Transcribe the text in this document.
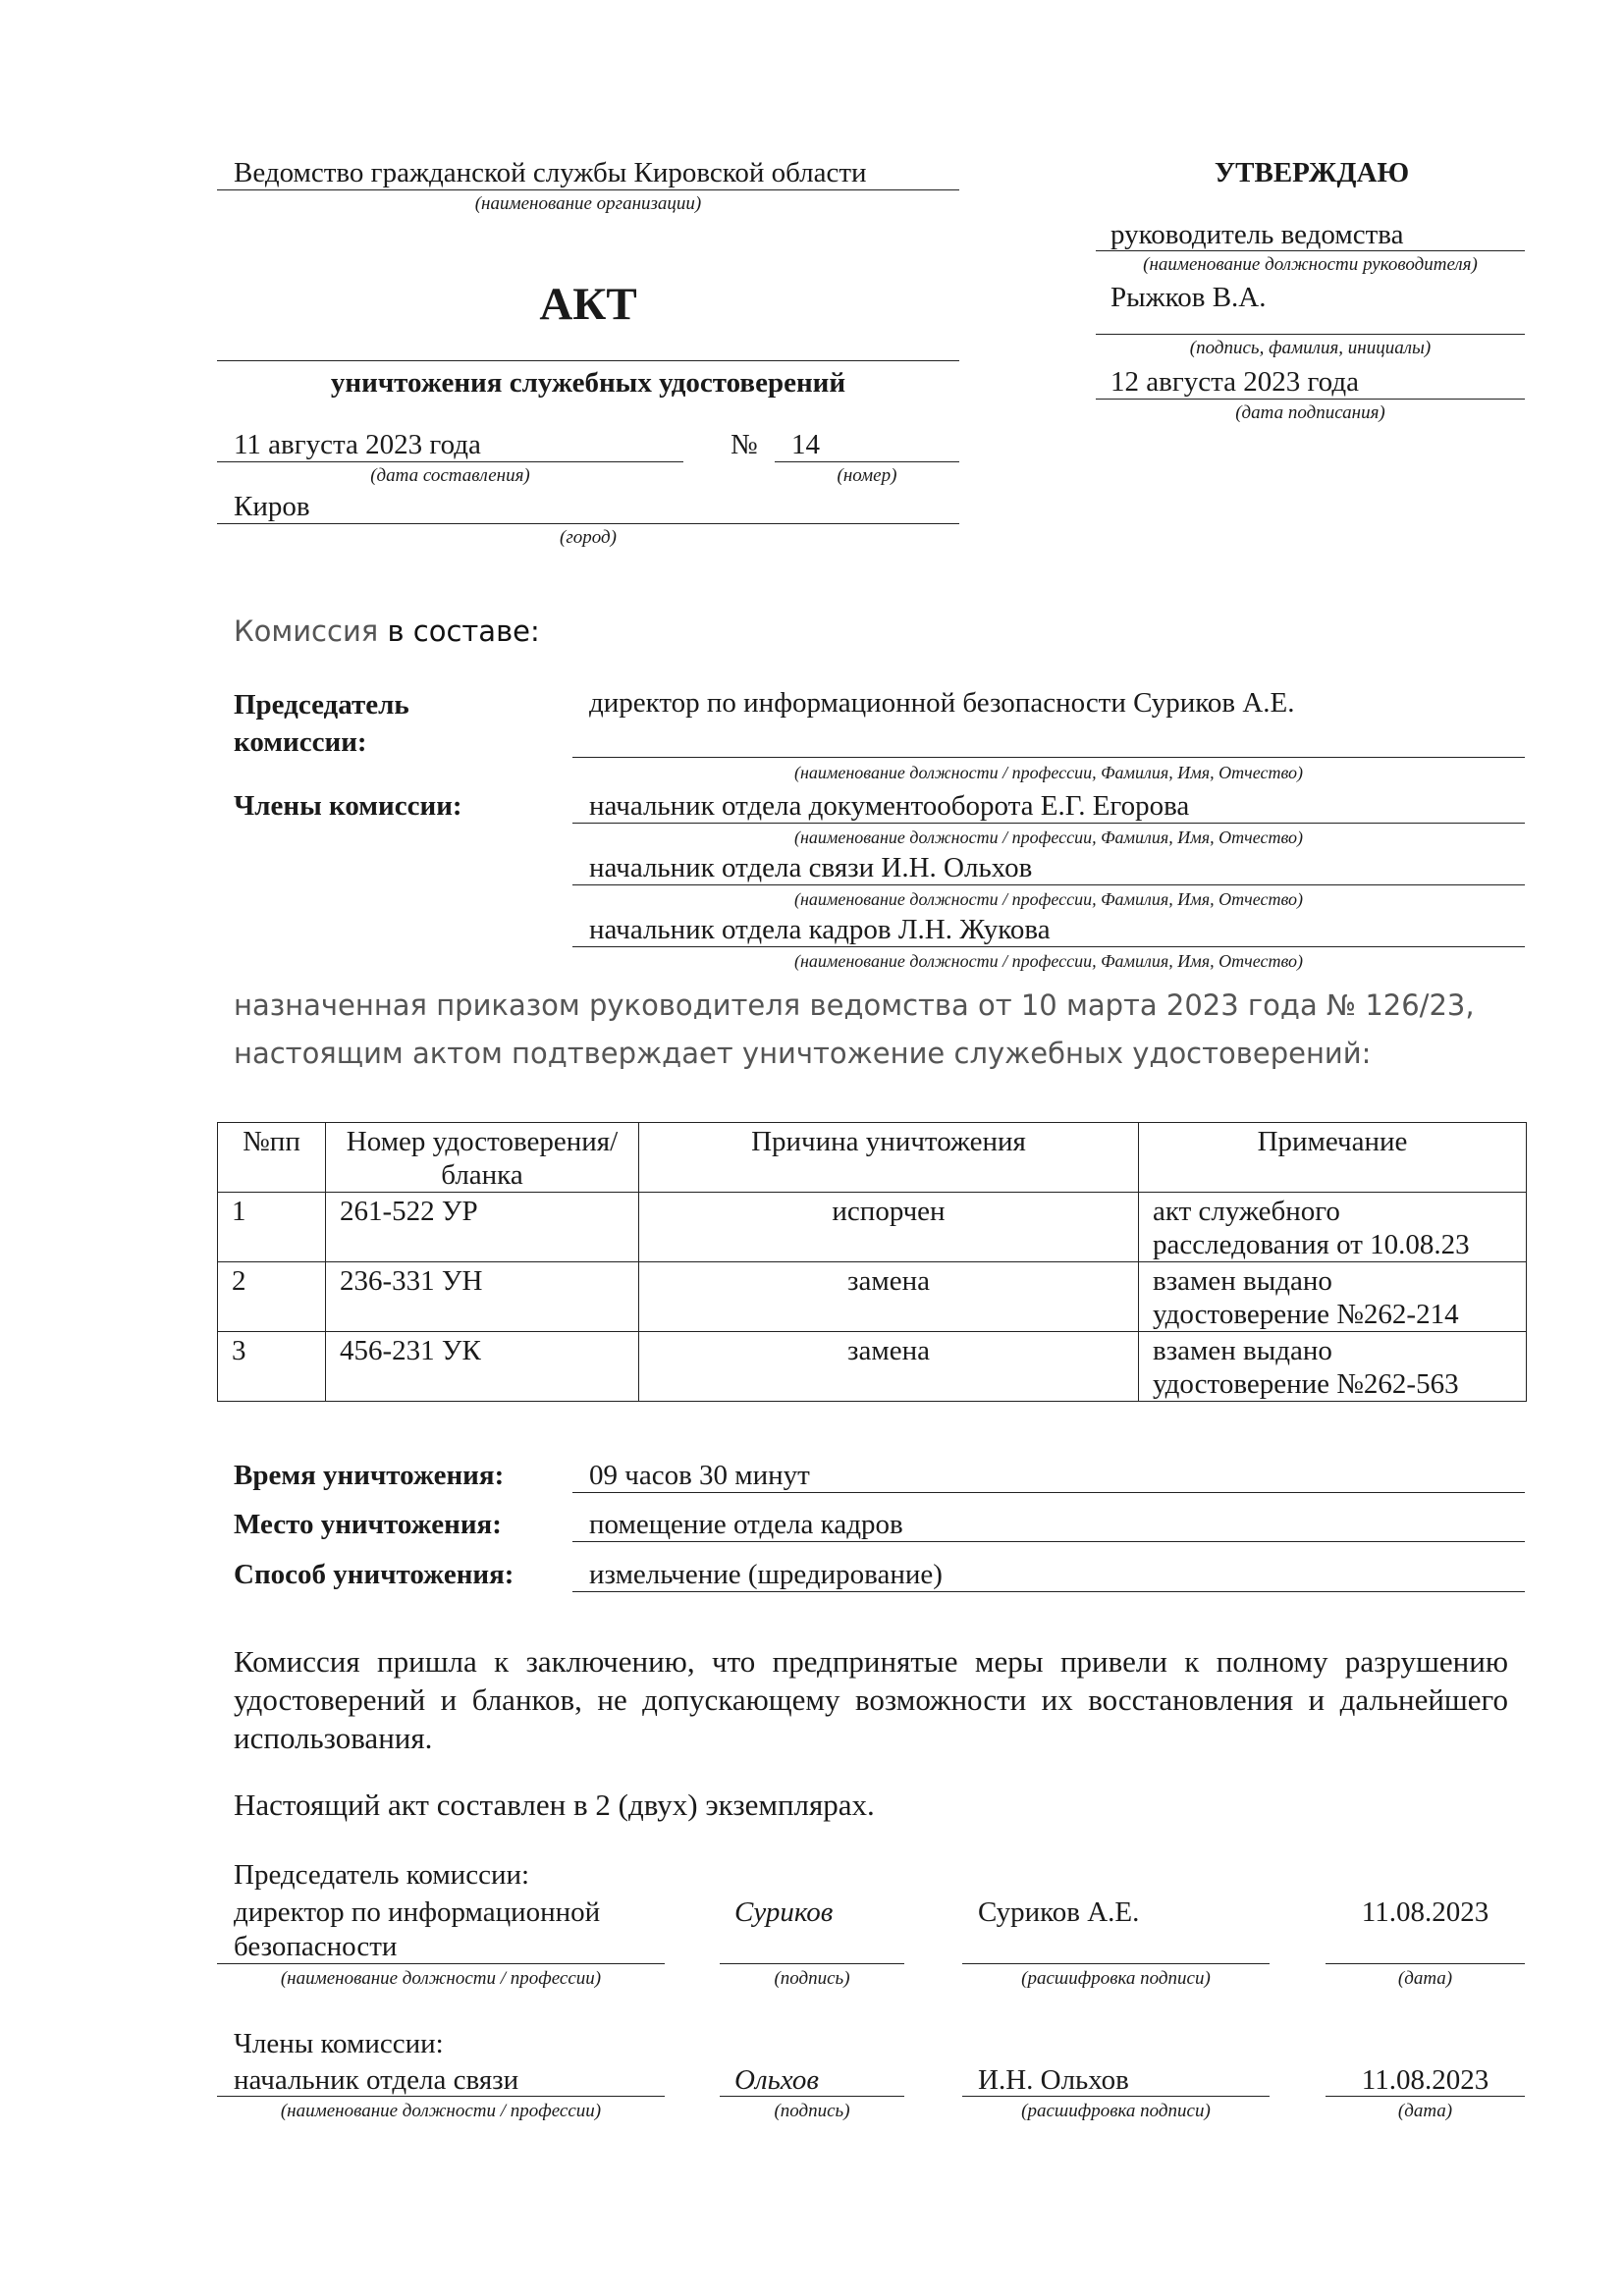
Ведомство гражданской службы Кировской области
(наименование организации)
УТВЕРЖДАЮ
руководитель ведомства
(наименование должности руководителя)
Рыжков В.А.
(подпись, фамилия, инициалы)
12 августа 2023 года
(дата подписания)
АКТ
уничтожения служебных удостоверений
11 августа 2023 года
(дата составления)
№ 14
(номер)
Киров
(город)
Комиссия в составе:
Председатель
комиссии:
директор по информационной безопасности Суриков А.Е.
(наименование должности / профессии, Фамилия, Имя, Отчество)
Члены комиссии:	начальник отдела документооборота Е.Г. Егорова
(наименование должности / профессии, Фамилия, Имя, Отчество)
начальник отдела связи И.Н. Ольхов
(наименование должности / профессии, Фамилия, Имя, Отчество)
начальник отдела кадров Л.Н. Жукова
(наименование должности / профессии, Фамилия, Имя, Отчество)
назначенная приказом руководителя ведомства от 10 марта 2023 года № 126/23,
настоящим актом подтверждает уничтожение служебных удостоверений:
№пп	Номер удостоверения/бланка	Причина уничтожения	Примечание
1	261-522 УР	испорчен	акт служебного расследования от 10.08.23
2	236-331 УН	замена	взамен выдано удостоверение №262-214
3	456-231 УК	замена	взамен выдано удостоверение №262-563
Время уничтожения:	09 часов 30 минут
Место уничтожения:	помещение отдела кадров
Способ уничтожения:	измельчение (шредирование)
Комиссия пришла к заключению, что предпринятые меры привели к полному разрушению удостоверений и бланков, не допускающему возможности их восстановления и дальнейшего использования.
Настоящий акт составлен в 2 (двух) экземплярах.
Председатель комиссии:
директор по информационной безопасности
Суриков	Суриков А.Е.	11.08.2023
(наименование должности / профессии)	(подпись)	(расшифровка подписи)	(дата)
Члены комиссии:
начальник отдела связи	Ольхов	И.Н. Ольхов	11.08.2023
(наименование должности / профессии)	(подпись)	(расшифровка подписи)	(дата)
